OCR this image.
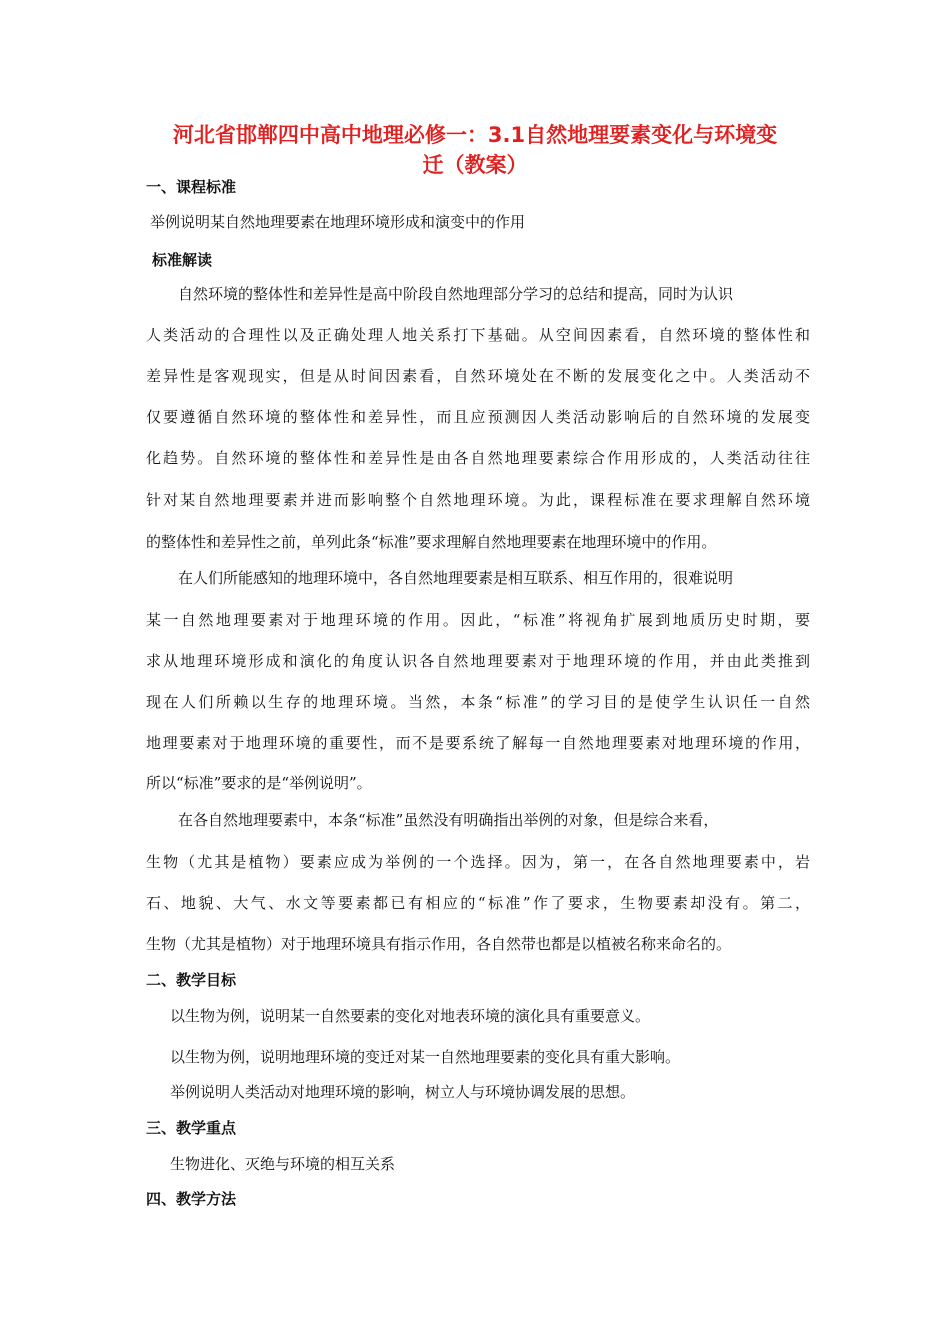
河北省邯郸四中高中地理必修一：3.1自然地理要素变化与环境变
迁（教案）
一、课程标准
举例说明某自然地理要素在地理环境形成和演变中的作用
标准解读
自然环境的整体性和差异性是高中阶段自然地理部分学习的总结和提高，同时为认识
人类活动的合理性以及正确处理人地关系打下基础。从空间因素看，自然环境的整体性和
差异性是客观现实，但是从时间因素看，自然环境处在不断的发展变化之中。人类活动不
仅要遵循自然环境的整体性和差异性，而且应预测因人类活动影响后的自然环境的发展变
化趋势。自然环境的整体性和差异性是由各自然地理要素综合作用形成的，人类活动往往
针对某自然地理要素并进而影响整个自然地理环境。为此，课程标准在要求理解自然环境
的整体性和差异性之前，单列此条“标准”要求理解自然地理要素在地理环境中的作用。
在人们所能感知的地理环境中，各自然地理要素是相互联系、相互作用的，很难说明
某一自然地理要素对于地理环境的作用。因此，“标准”将视角扩展到地质历史时期，要
求从地理环境形成和演化的角度认识各自然地理要素对于地理环境的作用，并由此类推到
现在人们所赖以生存的地理环境。当然，本条“标准”的学习目的是使学生认识任一自然
地理要素对于地理环境的重要性，而不是要系统了解每一自然地理要素对地理环境的作用，
所以“标准”要求的是“举例说明”。
在各自然地理要素中，本条“标准”虽然没有明确指出举例的对象，但是综合来看，
生物（尤其是植物）要素应成为举例的一个选择。因为，第一，在各自然地理要素中，岩
石、地貌、大气、水文等要素都已有相应的“标准”作了要求，生物要素却没有。第二，
生物（尤其是植物）对于地理环境具有指示作用，各自然带也都是以植被名称来命名的。
二、教学目标
以生物为例，说明某一自然要素的变化对地表环境的演化具有重要意义。
以生物为例，说明地理环境的变迁对某一自然地理要素的变化具有重大影响。
举例说明人类活动对地理环境的影响，树立人与环境协调发展的思想。
三、教学重点
生物进化、灭绝与环境的相互关系
四、教学方法
